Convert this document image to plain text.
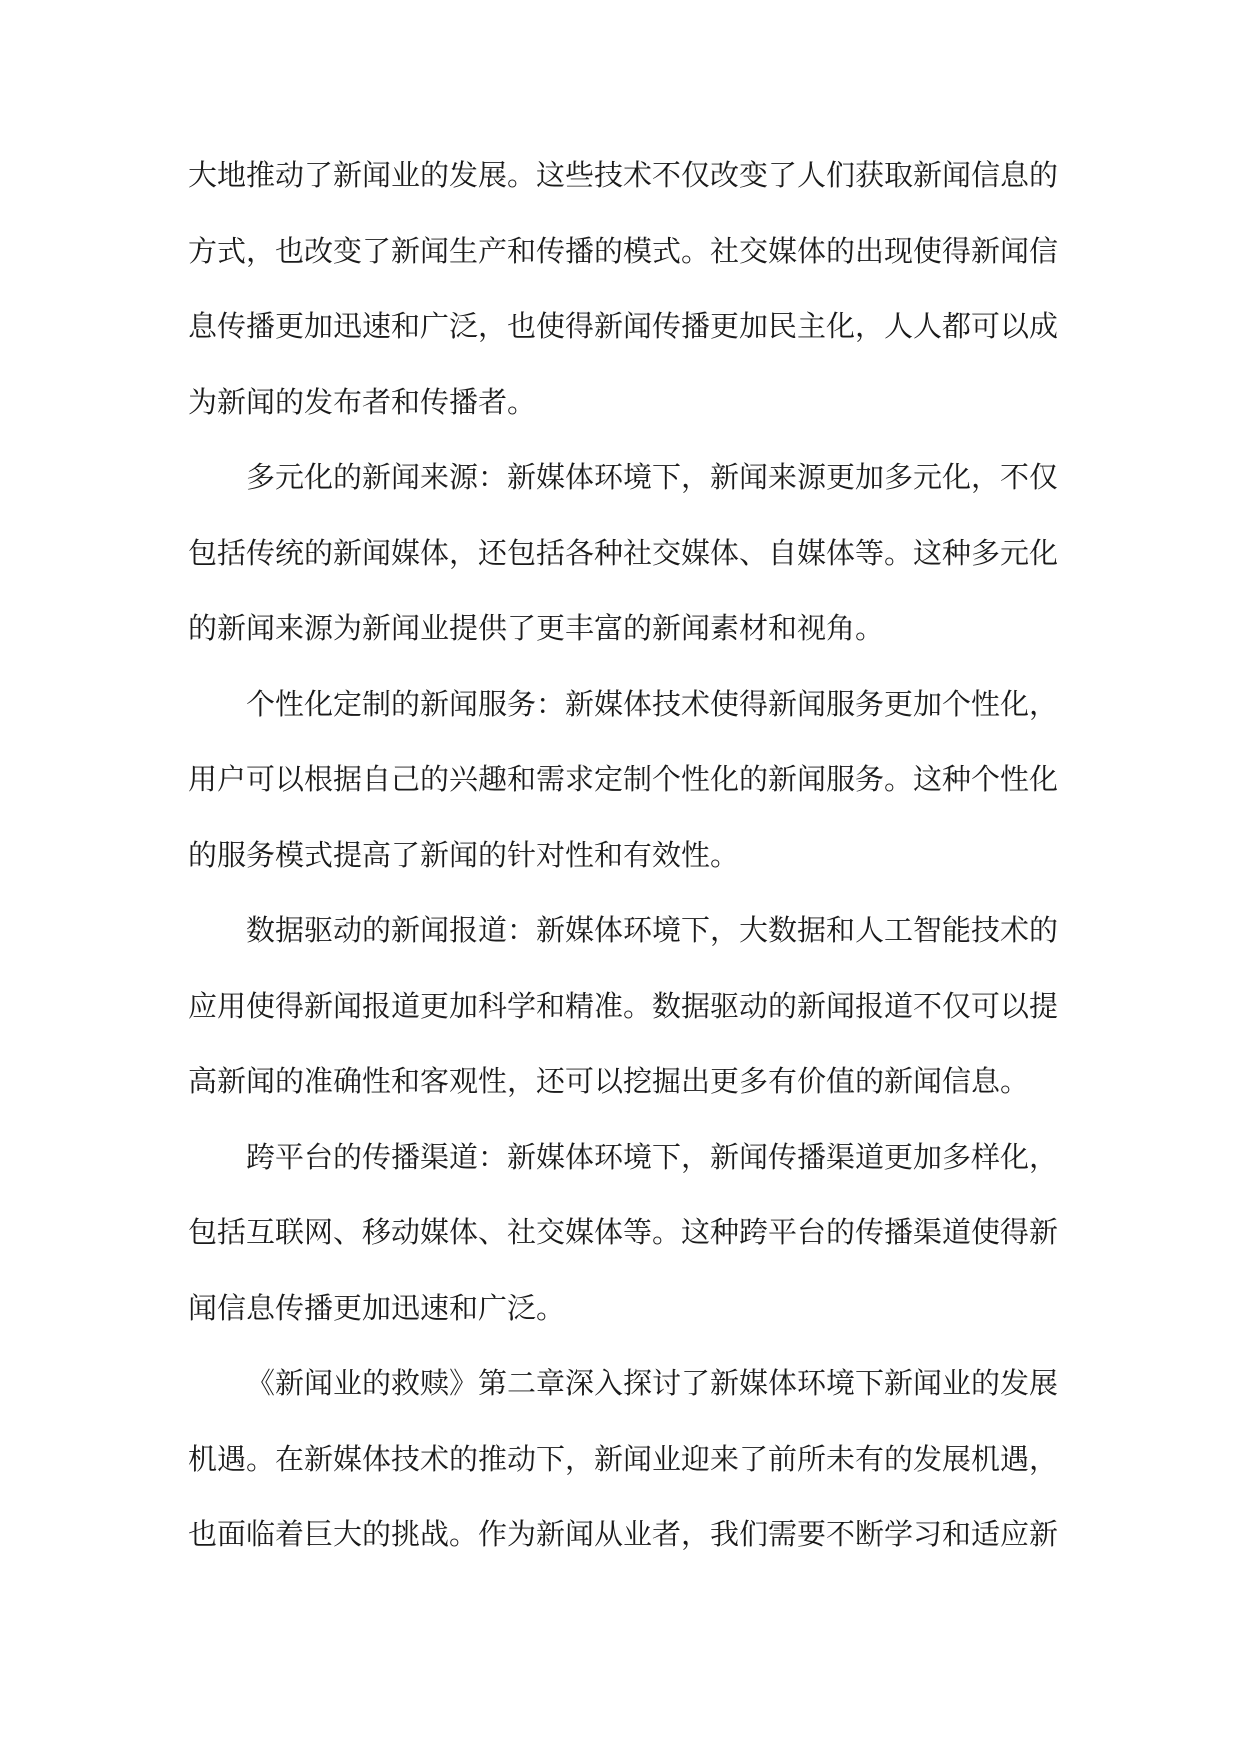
大地推动了新闻业的发展。这些技术不仅改变了人们获取新闻信息的方式，也改变了新闻生产和传播的模式。社交媒体的出现使得新闻信息传播更加迅速和广泛，也使得新闻传播更加民主化，人人都可以成为新闻的发布者和传播者。

多元化的新闻来源：新媒体环境下，新闻来源更加多元化，不仅包括传统的新闻媒体，还包括各种社交媒体、自媒体等。这种多元化的新闻来源为新闻业提供了更丰富的新闻素材和视角。

个性化定制的新闻服务：新媒体技术使得新闻服务更加个性化，用户可以根据自己的兴趣和需求定制个性化的新闻服务。这种个性化的服务模式提高了新闻的针对性和有效性。

数据驱动的新闻报道：新媒体环境下，大数据和人工智能技术的应用使得新闻报道更加科学和精准。数据驱动的新闻报道不仅可以提高新闻的准确性和客观性，还可以挖掘出更多有价值的新闻信息。

跨平台的传播渠道：新媒体环境下，新闻传播渠道更加多样化，包括互联网、移动媒体、社交媒体等。这种跨平台的传播渠道使得新闻信息传播更加迅速和广泛。

《新闻业的救赎》第二章深入探讨了新媒体环境下新闻业的发展机遇。在新媒体技术的推动下，新闻业迎来了前所未有的发展机遇，也面临着巨大的挑战。作为新闻从业者，我们需要不断学习和适应新
